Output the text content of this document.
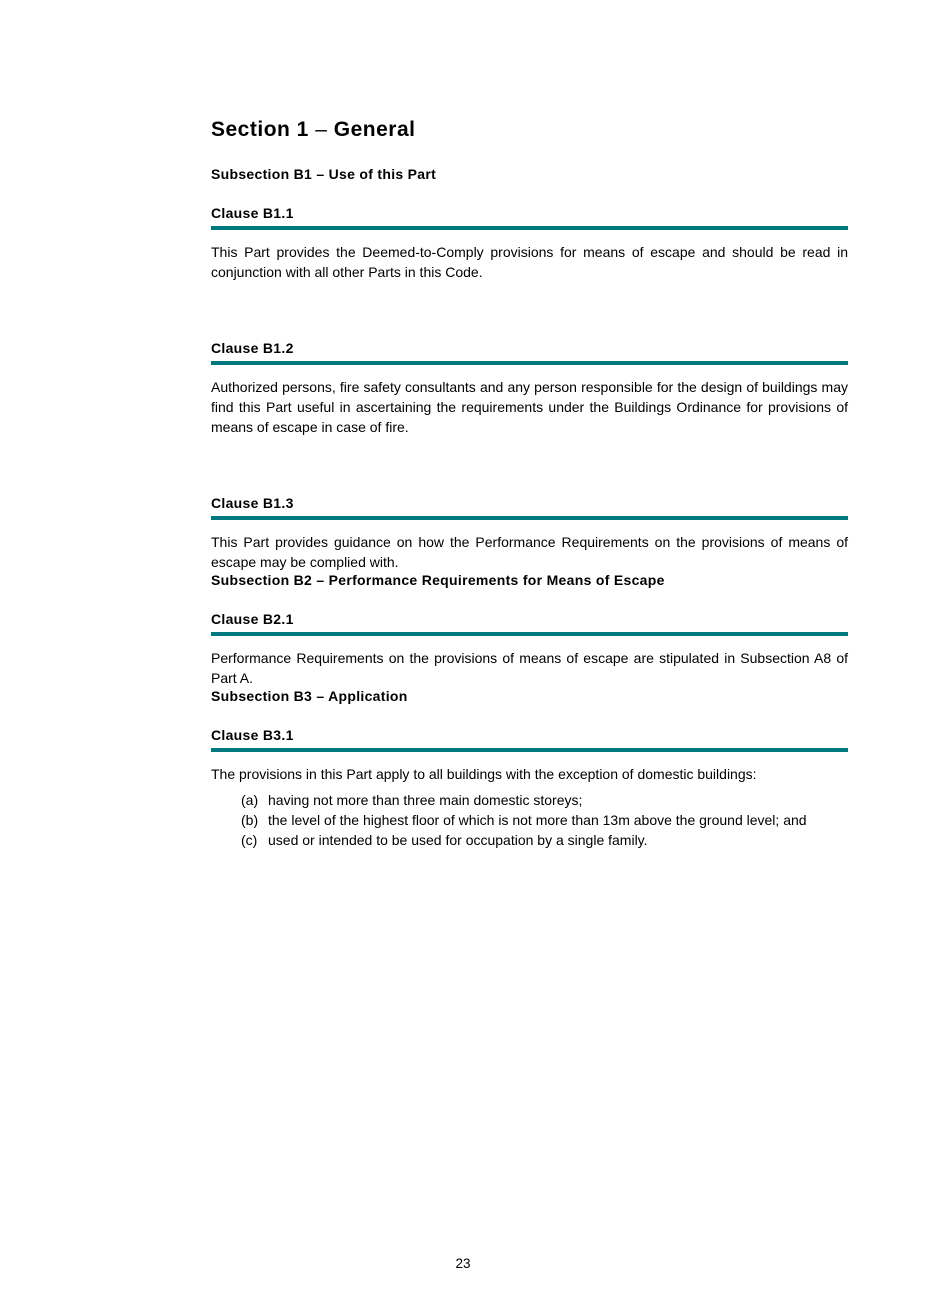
Section 1 – General
Subsection B1 – Use of this Part
Clause B1.1

This Part provides the Deemed-to-Comply provisions for means of escape and should be read in conjunction with all other Parts in this Code.

Clause B1.2

Authorized persons, fire safety consultants and any person responsible for the design of buildings may find this Part useful in ascertaining the requirements under the Buildings Ordinance for provisions of means of escape in case of fire.

Clause B1.3

This Part provides guidance on how the Performance Requirements on the provisions of means of escape may be complied with.

Subsection B2 – Performance Requirements for Means of Escape
Clause B2.1

Performance Requirements on the provisions of means of escape are stipulated in Subsection A8 of Part A.

Subsection B3 – Application
Clause B3.1

The provisions in this Part apply to all buildings with the exception of domestic buildings:

(a) having not more than three main domestic storeys;
(b) the level of the highest floor of which is not more than 13m above the ground level; and
(c) used or intended to be used for occupation by a single family.
23
